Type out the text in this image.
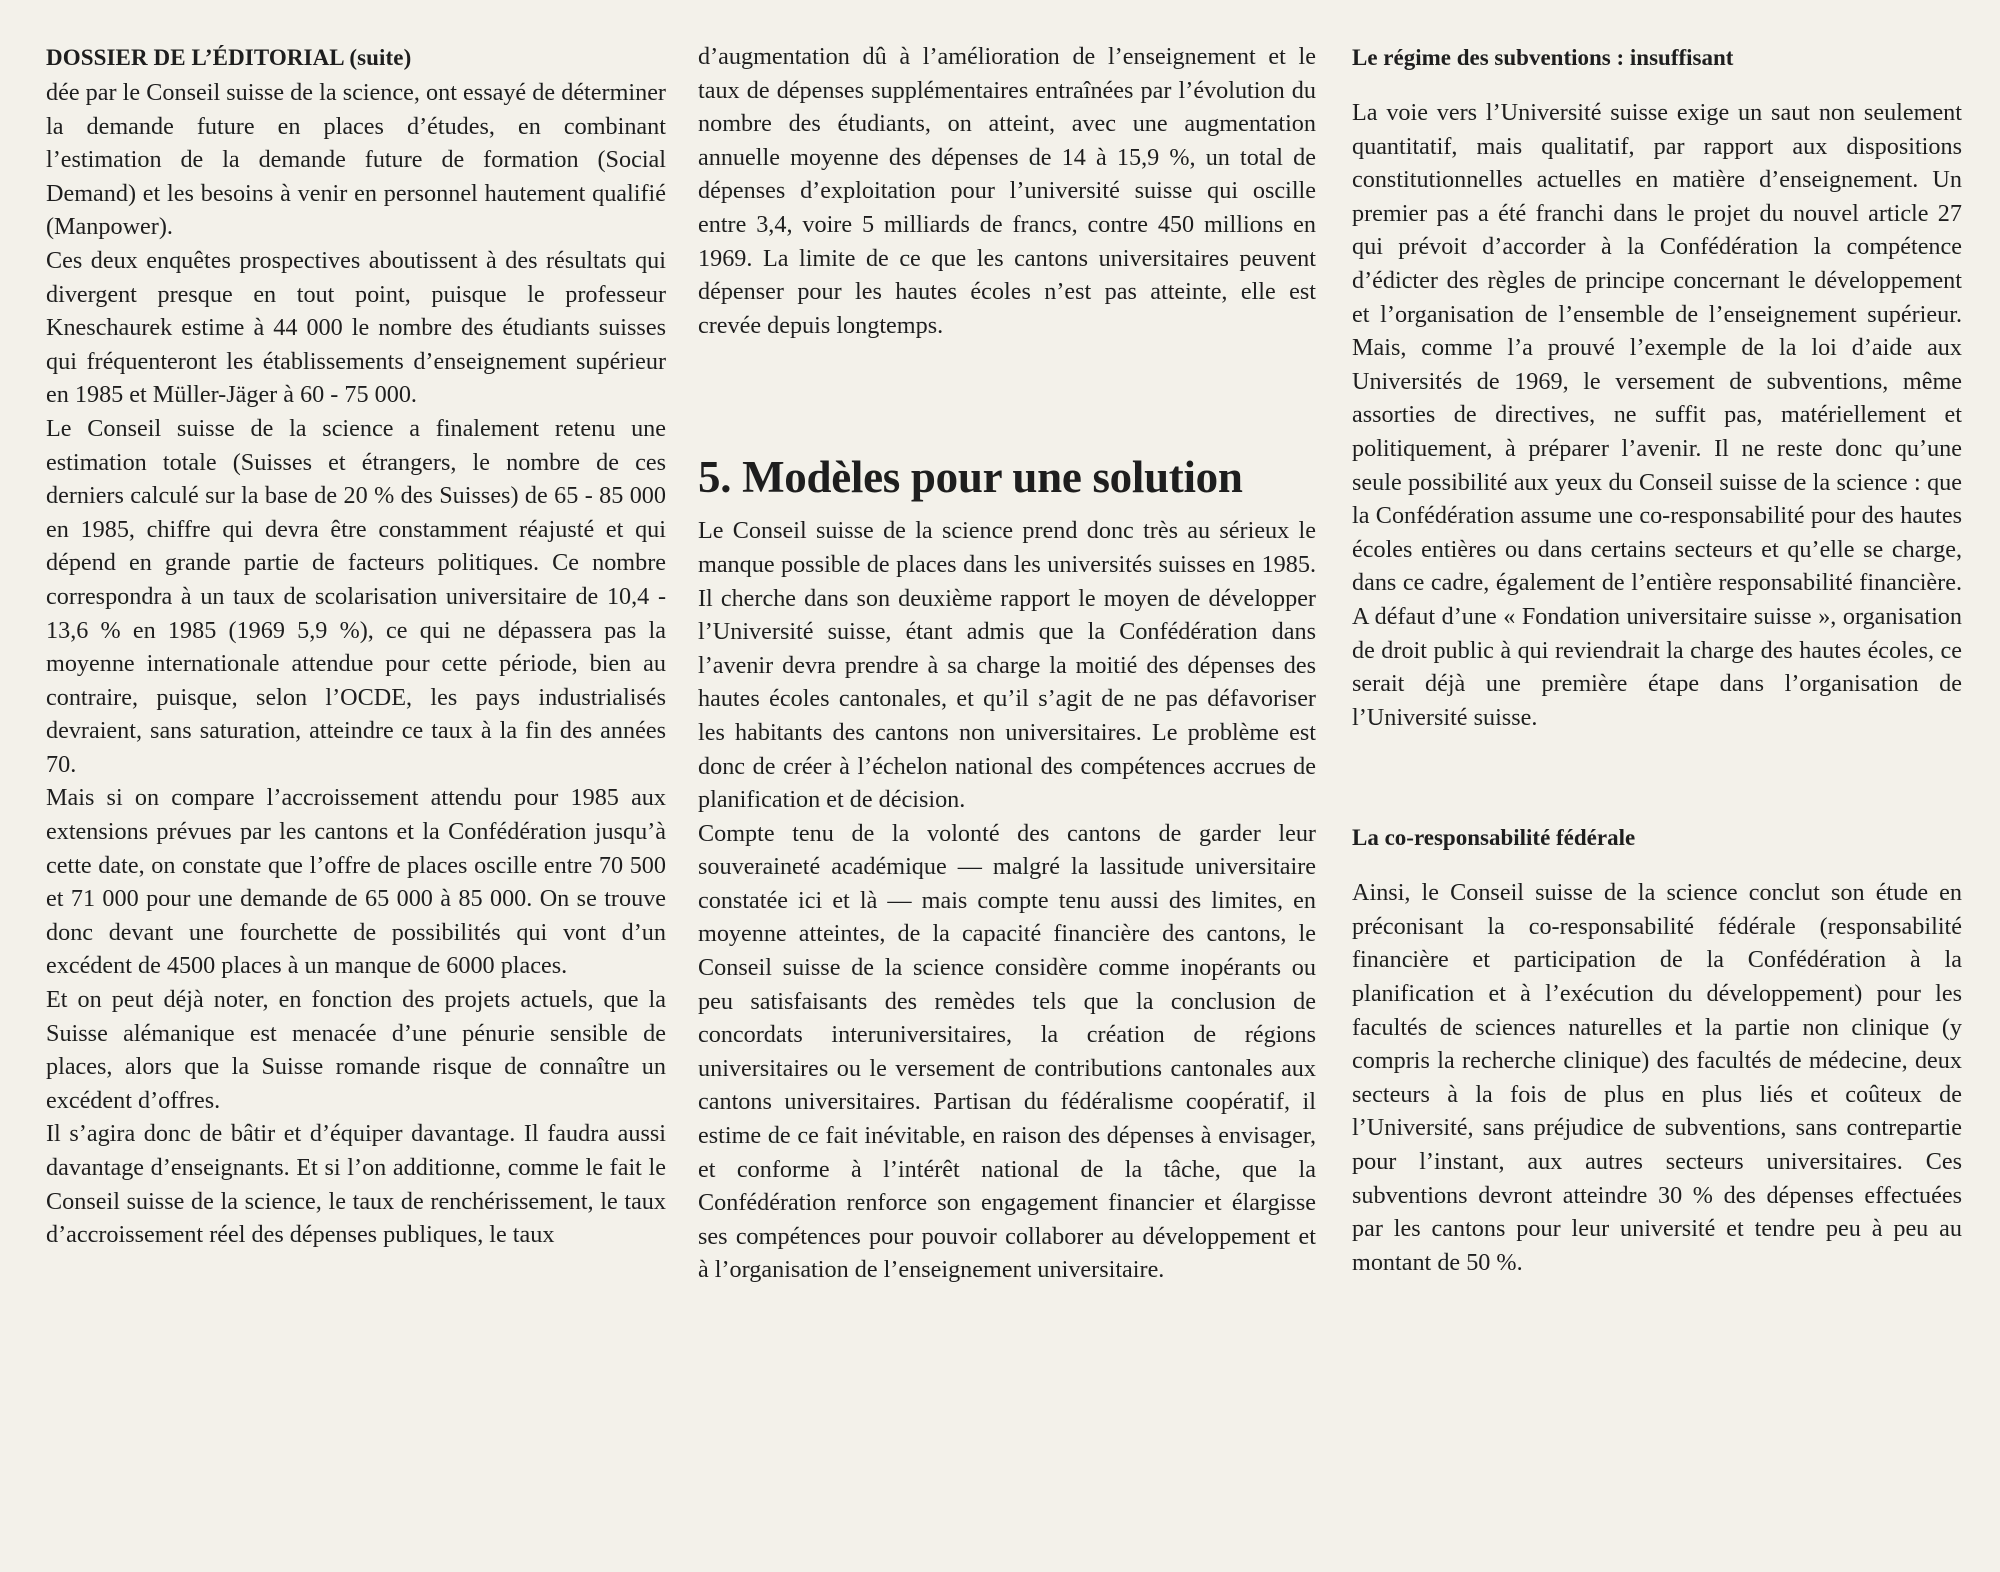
DOSSIER DE L’ÉDITORIAL (suite)

dée par le Conseil suisse de la science, ont essayé de déterminer la demande future en places d’études, en combinant l’estimation de la demande future de formation (Social Demand) et les besoins à venir en personnel hautement qualifié (Manpower).

Ces deux enquêtes prospectives aboutissent à des résultats qui divergent presque en tout point, puisque le professeur Kneschaurek estime à 44 000 le nombre des étudiants suisses qui fréquenteront les établissements d’enseignement supérieur en 1985 et Müller-Jäger à 60 - 75 000.

Le Conseil suisse de la science a finalement retenu une estimation totale (Suisses et étrangers, le nombre de ces derniers calculé sur la base de 20 % des Suisses) de 65 - 85 000 en 1985, chiffre qui devra être constamment réajusté et qui dépend en grande partie de facteurs politiques. Ce nombre correspondra à un taux de scolarisation universitaire de 10,4 - 13,6 % en 1985 (1969 5,9 %), ce qui ne dépassera pas la moyenne internationale attendue pour cette période, bien au contraire, puisque, selon l’OCDE, les pays industrialisés devraient, sans saturation, atteindre ce taux à la fin des années 70.

Mais si on compare l’accroissement attendu pour 1985 aux extensions prévues par les cantons et la Confédération jusqu’à cette date, on constate que l’offre de places oscille entre 70 500 et 71 000 pour une demande de 65 000 à 85 000. On se trouve donc devant une fourchette de possibilités qui vont d’un excédent de 4500 places à un manque de 6000 places.

Et on peut déjà noter, en fonction des projets actuels, que la Suisse alémanique est menacée d’une pénurie sensible de places, alors que la Suisse romande risque de connaître un excédent d’offres.

Il s’agira donc de bâtir et d’équiper davantage. Il faudra aussi davantage d’enseignants. Et si l’on additionne, comme le fait le Conseil suisse de la science, le taux de renchérissement, le taux d’accroissement réel des dépenses publiques, le taux

d’augmentation dû à l’amélioration de l’enseignement et le taux de dépenses supplémentaires entraînées par l’évolution du nombre des étudiants, on atteint, avec une augmentation annuelle moyenne des dépenses de 14 à 15,9 %, un total de dépenses d’exploitation pour l’université suisse qui oscille entre 3,4, voire 5 milliards de francs, contre 450 millions en 1969. La limite de ce que les cantons universitaires peuvent dépenser pour les hautes écoles n’est pas atteinte, elle est crevée depuis longtemps.

5. Modèles pour une solution

Le Conseil suisse de la science prend donc très au sérieux le manque possible de places dans les universités suisses en 1985. Il cherche dans son deuxième rapport le moyen de développer l’Université suisse, étant admis que la Confédération dans l’avenir devra prendre à sa charge la moitié des dépenses des hautes écoles cantonales, et qu’il s’agit de ne pas défavoriser les habitants des cantons non universitaires. Le problème est donc de créer à l’échelon national des compétences accrues de planification et de décision.

Compte tenu de la volonté des cantons de garder leur souveraineté académique — malgré la lassitude universitaire constatée ici et là — mais compte tenu aussi des limites, en moyenne atteintes, de la capacité financière des cantons, le Conseil suisse de la science considère comme inopérants ou peu satisfaisants des remèdes tels que la conclusion de concordats interuniversitaires, la création de régions universitaires ou le versement de contributions cantonales aux cantons universitaires. Partisan du fédéralisme coopératif, il estime de ce fait inévitable, en raison des dépenses à envisager, et conforme à l’intérêt national de la tâche, que la Confédération renforce son engagement financier et élargisse ses compétences pour pouvoir collaborer au développement et à l’organisation de l’enseignement universitaire.

Le régime des subventions : insuffisant

La voie vers l’Université suisse exige un saut non seulement quantitatif, mais qualitatif, par rapport aux dispositions constitutionnelles actuelles en matière d’enseignement. Un premier pas a été franchi dans le projet du nouvel article 27 qui prévoit d’accorder à la Confédération la compétence d’édicter des règles de principe concernant le développement et l’organisation de l’ensemble de l’enseignement supérieur. Mais, comme l’a prouvé l’exemple de la loi d’aide aux Universités de 1969, le versement de subventions, même assorties de directives, ne suffit pas, matériellement et politiquement, à préparer l’avenir. Il ne reste donc qu’une seule possibilité aux yeux du Conseil suisse de la science : que la Confédération assume une co-responsabilité pour des hautes écoles entières ou dans certains secteurs et qu’elle se charge, dans ce cadre, également de l’entière responsabilité financière. A défaut d’une « Fondation universitaire suisse », organisation de droit public à qui reviendrait la charge des hautes écoles, ce serait déjà une première étape dans l’organisation de l’Université suisse.

La co-responsabilité fédérale

Ainsi, le Conseil suisse de la science conclut son étude en préconisant la co-responsabilité fédérale (responsabilité financière et participation de la Confédération à la planification et à l’exécution du développement) pour les facultés de sciences naturelles et la partie non clinique (y compris la recherche clinique) des facultés de médecine, deux secteurs à la fois de plus en plus liés et coûteux de l’Université, sans préjudice de subventions, sans contrepartie pour l’instant, aux autres secteurs universitaires. Ces subventions devront atteindre 30 % des dépenses effectuées par les cantons pour leur université et tendre peu à peu au montant de 50 %.
